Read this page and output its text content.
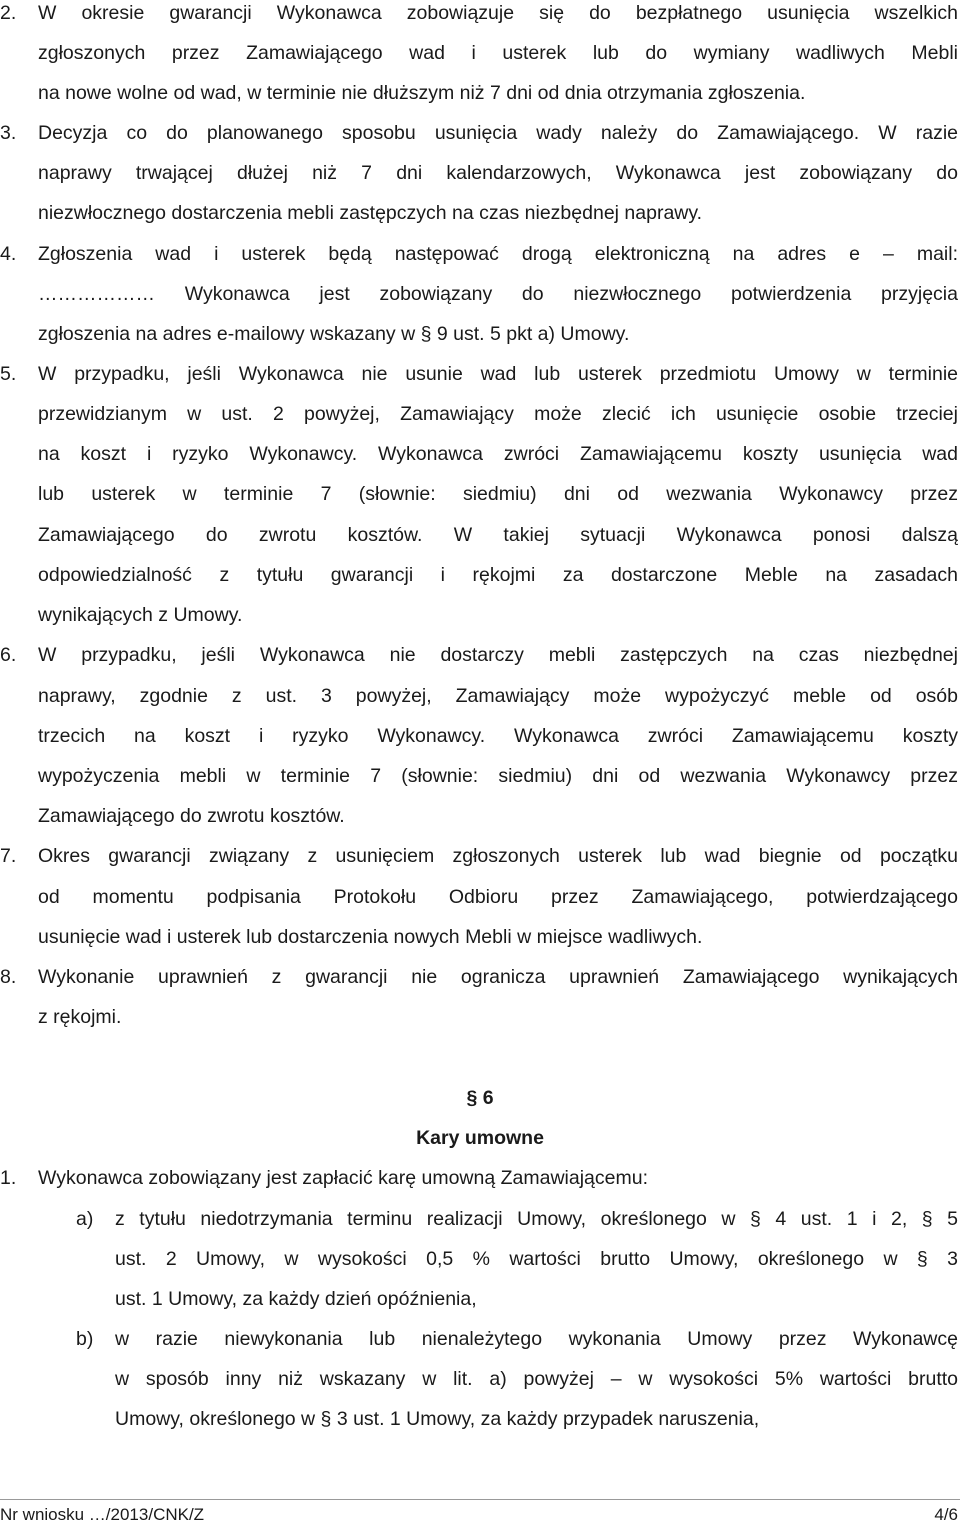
2. W okresie gwarancji Wykonawca zobowiązuje się do bezpłatnego usunięcia wszelkich
zgłoszonych przez Zamawiającego wad i usterek lub do wymiany wadliwych Mebli
na nowe wolne od wad, w terminie nie dłuższym niż 7 dni od dnia otrzymania zgłoszenia.
3. Decyzja co do planowanego sposobu usunięcia wady należy do Zamawiającego. W razie
naprawy trwającej dłużej niż 7 dni kalendarzowych, Wykonawca jest zobowiązany do
niezwłocznego dostarczenia mebli zastępczych na czas niezbędnej naprawy.
4. Zgłoszenia wad i usterek będą następować drogą elektroniczną na adres e – mail:
……………… Wykonawca jest zobowiązany do niezwłocznego potwierdzenia przyjęcia
zgłoszenia na adres e-mailowy wskazany w § 9 ust. 5 pkt a) Umowy.
5. W przypadku, jeśli Wykonawca nie usunie wad lub usterek przedmiotu Umowy w terminie
przewidzianym w ust. 2 powyżej, Zamawiający może zlecić ich usunięcie osobie trzeciej
na koszt i ryzyko Wykonawcy. Wykonawca zwróci Zamawiającemu koszty usunięcia wad
lub usterek w terminie 7 (słownie: siedmiu) dni od wezwania Wykonawcy przez
Zamawiającego do zwrotu kosztów. W takiej sytuacji Wykonawca ponosi dalszą
odpowiedzialność z tytułu gwarancji i rękojmi za dostarczone Meble na zasadach
wynikających z Umowy.
6. W przypadku, jeśli Wykonawca nie dostarczy mebli zastępczych na czas niezbędnej
naprawy, zgodnie z ust. 3 powyżej, Zamawiający może wypożyczyć meble od osób
trzecich na koszt i ryzyko Wykonawcy. Wykonawca zwróci Zamawiającemu koszty
wypożyczenia mebli w terminie 7 (słownie: siedmiu) dni od wezwania Wykonawcy przez
Zamawiającego do zwrotu kosztów.
7. Okres gwarancji związany z usunięciem zgłoszonych usterek lub wad biegnie od początku
od momentu podpisania Protokołu Odbioru przez Zamawiającego, potwierdzającego
usunięcie wad i usterek lub dostarczenia nowych Mebli w miejsce wadliwych.
8. Wykonanie uprawnień z gwarancji nie ogranicza uprawnień Zamawiającego wynikających
z rękojmi.
§ 6
Kary umowne
1. Wykonawca zobowiązany jest zapłacić karę umowną Zamawiającemu:
a) z tytułu niedotrzymania terminu realizacji Umowy, określonego w § 4 ust. 1 i 2, § 5
ust. 2 Umowy, w wysokości 0,5 % wartości brutto Umowy, określonego w § 3
ust. 1 Umowy, za każdy dzień opóźnienia,
b) w razie niewykonania lub nienależytego wykonania Umowy przez Wykonawcę
w sposób inny niż wskazany w lit. a) powyżej – w wysokości 5% wartości brutto
Umowy, określonego w § 3 ust. 1 Umowy, za każdy przypadek naruszenia,
Nr wniosku …/2013/CNK/Z	4/6
